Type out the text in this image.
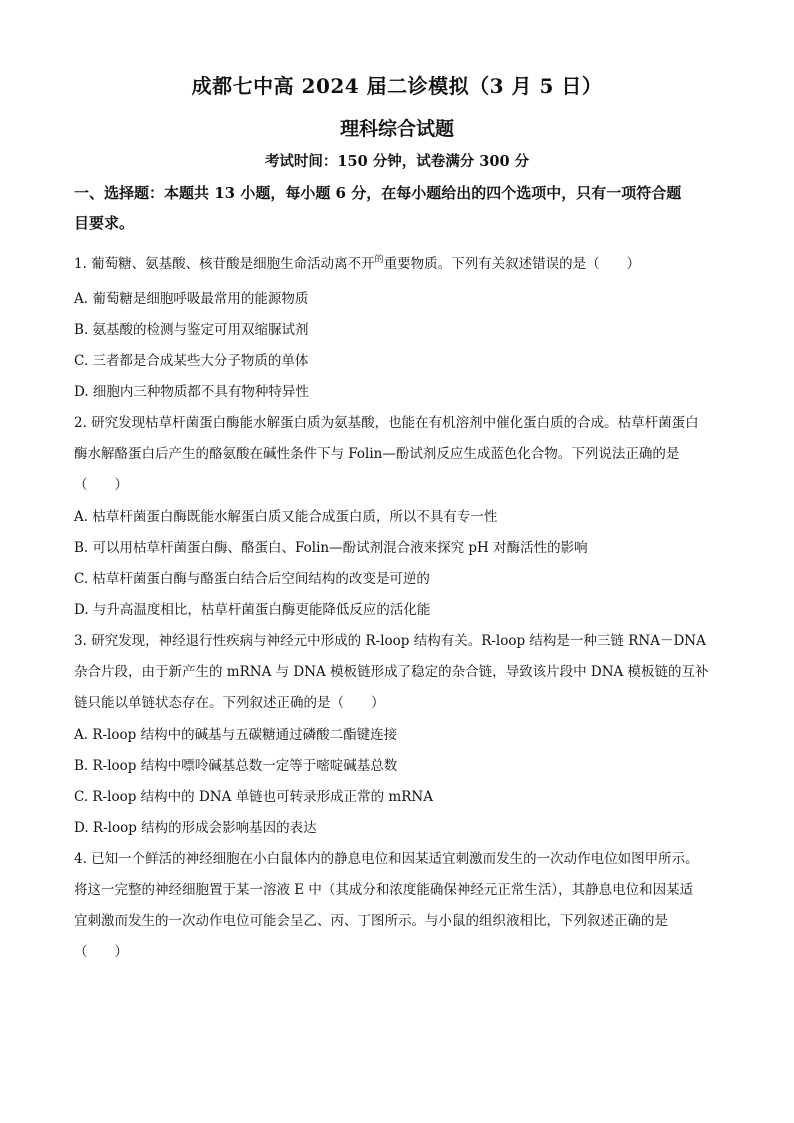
成都七中高 2024 届二诊模拟（3 月 5 日）
理科综合试题

考试时间：150 分钟，试卷满分 300 分

一、选择题：本题共 13 小题，每小题 6 分，在每小题给出的四个选项中，只有一项符合题
目要求。

1. 葡萄糖、氨基酸、核苷酸是细胞生命活动离不开$^的$重要物质。下列有关叙述错误的是（　　）

A. 葡萄糖是细胞呼吸最常用的能源物质

B. 氨基酸的检测与鉴定可用双缩脲试剂

C. 三者都是合成某些大分子物质的单体

D. 细胞内三种物质都不具有物种特异性

2. 研究发现枯草杆菌蛋白酶能水解蛋白质为氨基酸，也能在有机溶剂中催化蛋白质的合成。枯草杆菌蛋白

酶水解酪蛋白后产生的酪氨酸在碱性条件下与 Folin—酚试剂反应生成蓝色化合物。下列说法正确的是

（　　）

A. 枯草杆菌蛋白酶既能水解蛋白质又能合成蛋白质，所以不具有专一性

B. 可以用枯草杆菌蛋白酶、酪蛋白、Folin—酚试剂混合液来探究 pH 对酶活性的影响

C. 枯草杆菌蛋白酶与酪蛋白结合后空间结构的改变是可逆的

D. 与升高温度相比，枯草杆菌蛋白酶更能降低反应的活化能

3. 研究发现，神经退行性疾病与神经元中形成的 R-loop 结构有关。R-loop 结构是一种三链 RNA－DNA

杂合片段，由于新产生的 mRNA 与 DNA 模板链形成了稳定的杂合链，导致该片段中 DNA 模板链的互补

链只能以单链状态存在。下列叙述正确的是（　　）

A. R-loop 结构中的碱基与五碳糖通过磷酸二酯键连接

B. R-loop 结构中嘌呤碱基总数一定等于嘧啶碱基总数

C. R-loop 结构中的 DNA 单链也可转录形成正常的 mRNA

D. R-loop 结构的形成会影响基因的表达

4. 已知一个鲜活的神经细胞在小白鼠体内的静息电位和因某适宜刺激而发生的一次动作电位如图甲所示。

将这一完整的神经细胞置于某一溶液 E 中（其成分和浓度能确保神经元正常生活），其静息电位和因某适

宜刺激而发生的一次动作电位可能会呈乙、丙、丁图所示。与小鼠的组织液相比，下列叙述正确的是

（　　）
